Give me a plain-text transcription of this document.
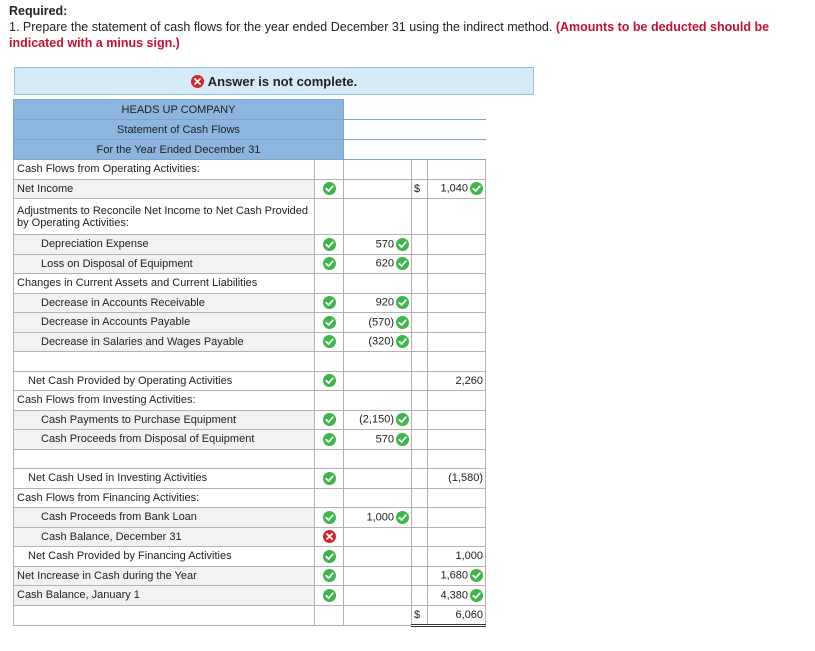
Required:
1. Prepare the statement of cash flows for the year ended December 31 using the indirect method. (Amounts to be deducted should be indicated with a minus sign.)
Answer is not complete.
HEADS UP COMPANY				
Statement of Cash Flows				
For the Year Ended December 31				
Cash Flows from Operating Activities:				
Net Income			$	1,040

Adjustments to Reconcile Net Income to Net Cash Provided by Operating Activities:				
Depreciation Expense		570

Loss on Disposal of Equipment		620

Changes in Current Assets and Current Liabilities				
Decrease in Accounts Receivable		920

Decrease in Accounts Payable		(570)

Decrease in Salaries and Wages Payable		(320)

Net Cash Provided by Operating Activities				2,260
Cash Flows from Investing Activities:				
Cash Payments to Purchase Equipment		(2,150)

Cash Proceeds from Disposal of Equipment		570

Net Cash Used in Investing Activities				(1,580)
Cash Flows from Financing Activities:				
Cash Proceeds from Bank Loan		1,000

Cash Balance, December 31	

Net Cash Provided by Financing Activities				1,000
Net Increase in Cash during the Year				1,680

Cash Balance, January 1				4,380

			$	6,060
